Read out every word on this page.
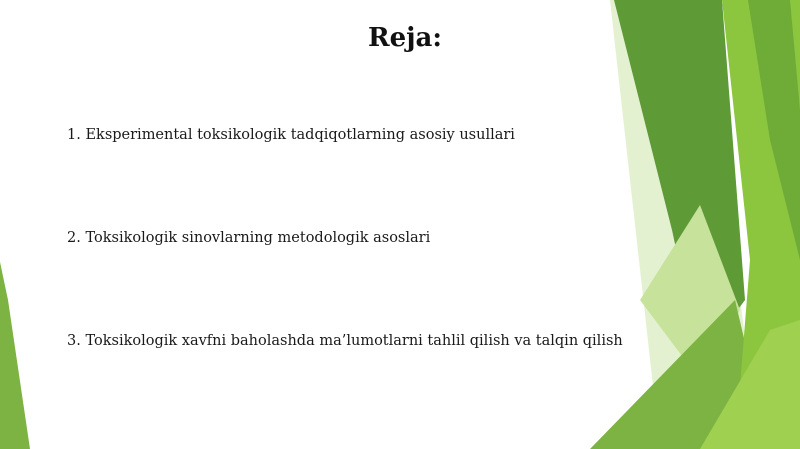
Reja:
1. Eksperimental toksikologik tadqiqotlarning asosiy usullari
2. Toksikologik sinovlarning metodologik asoslari
3. Toksikologik xavfni baholashda ma’lumotlarni tahlil qilish va talqin qilish
